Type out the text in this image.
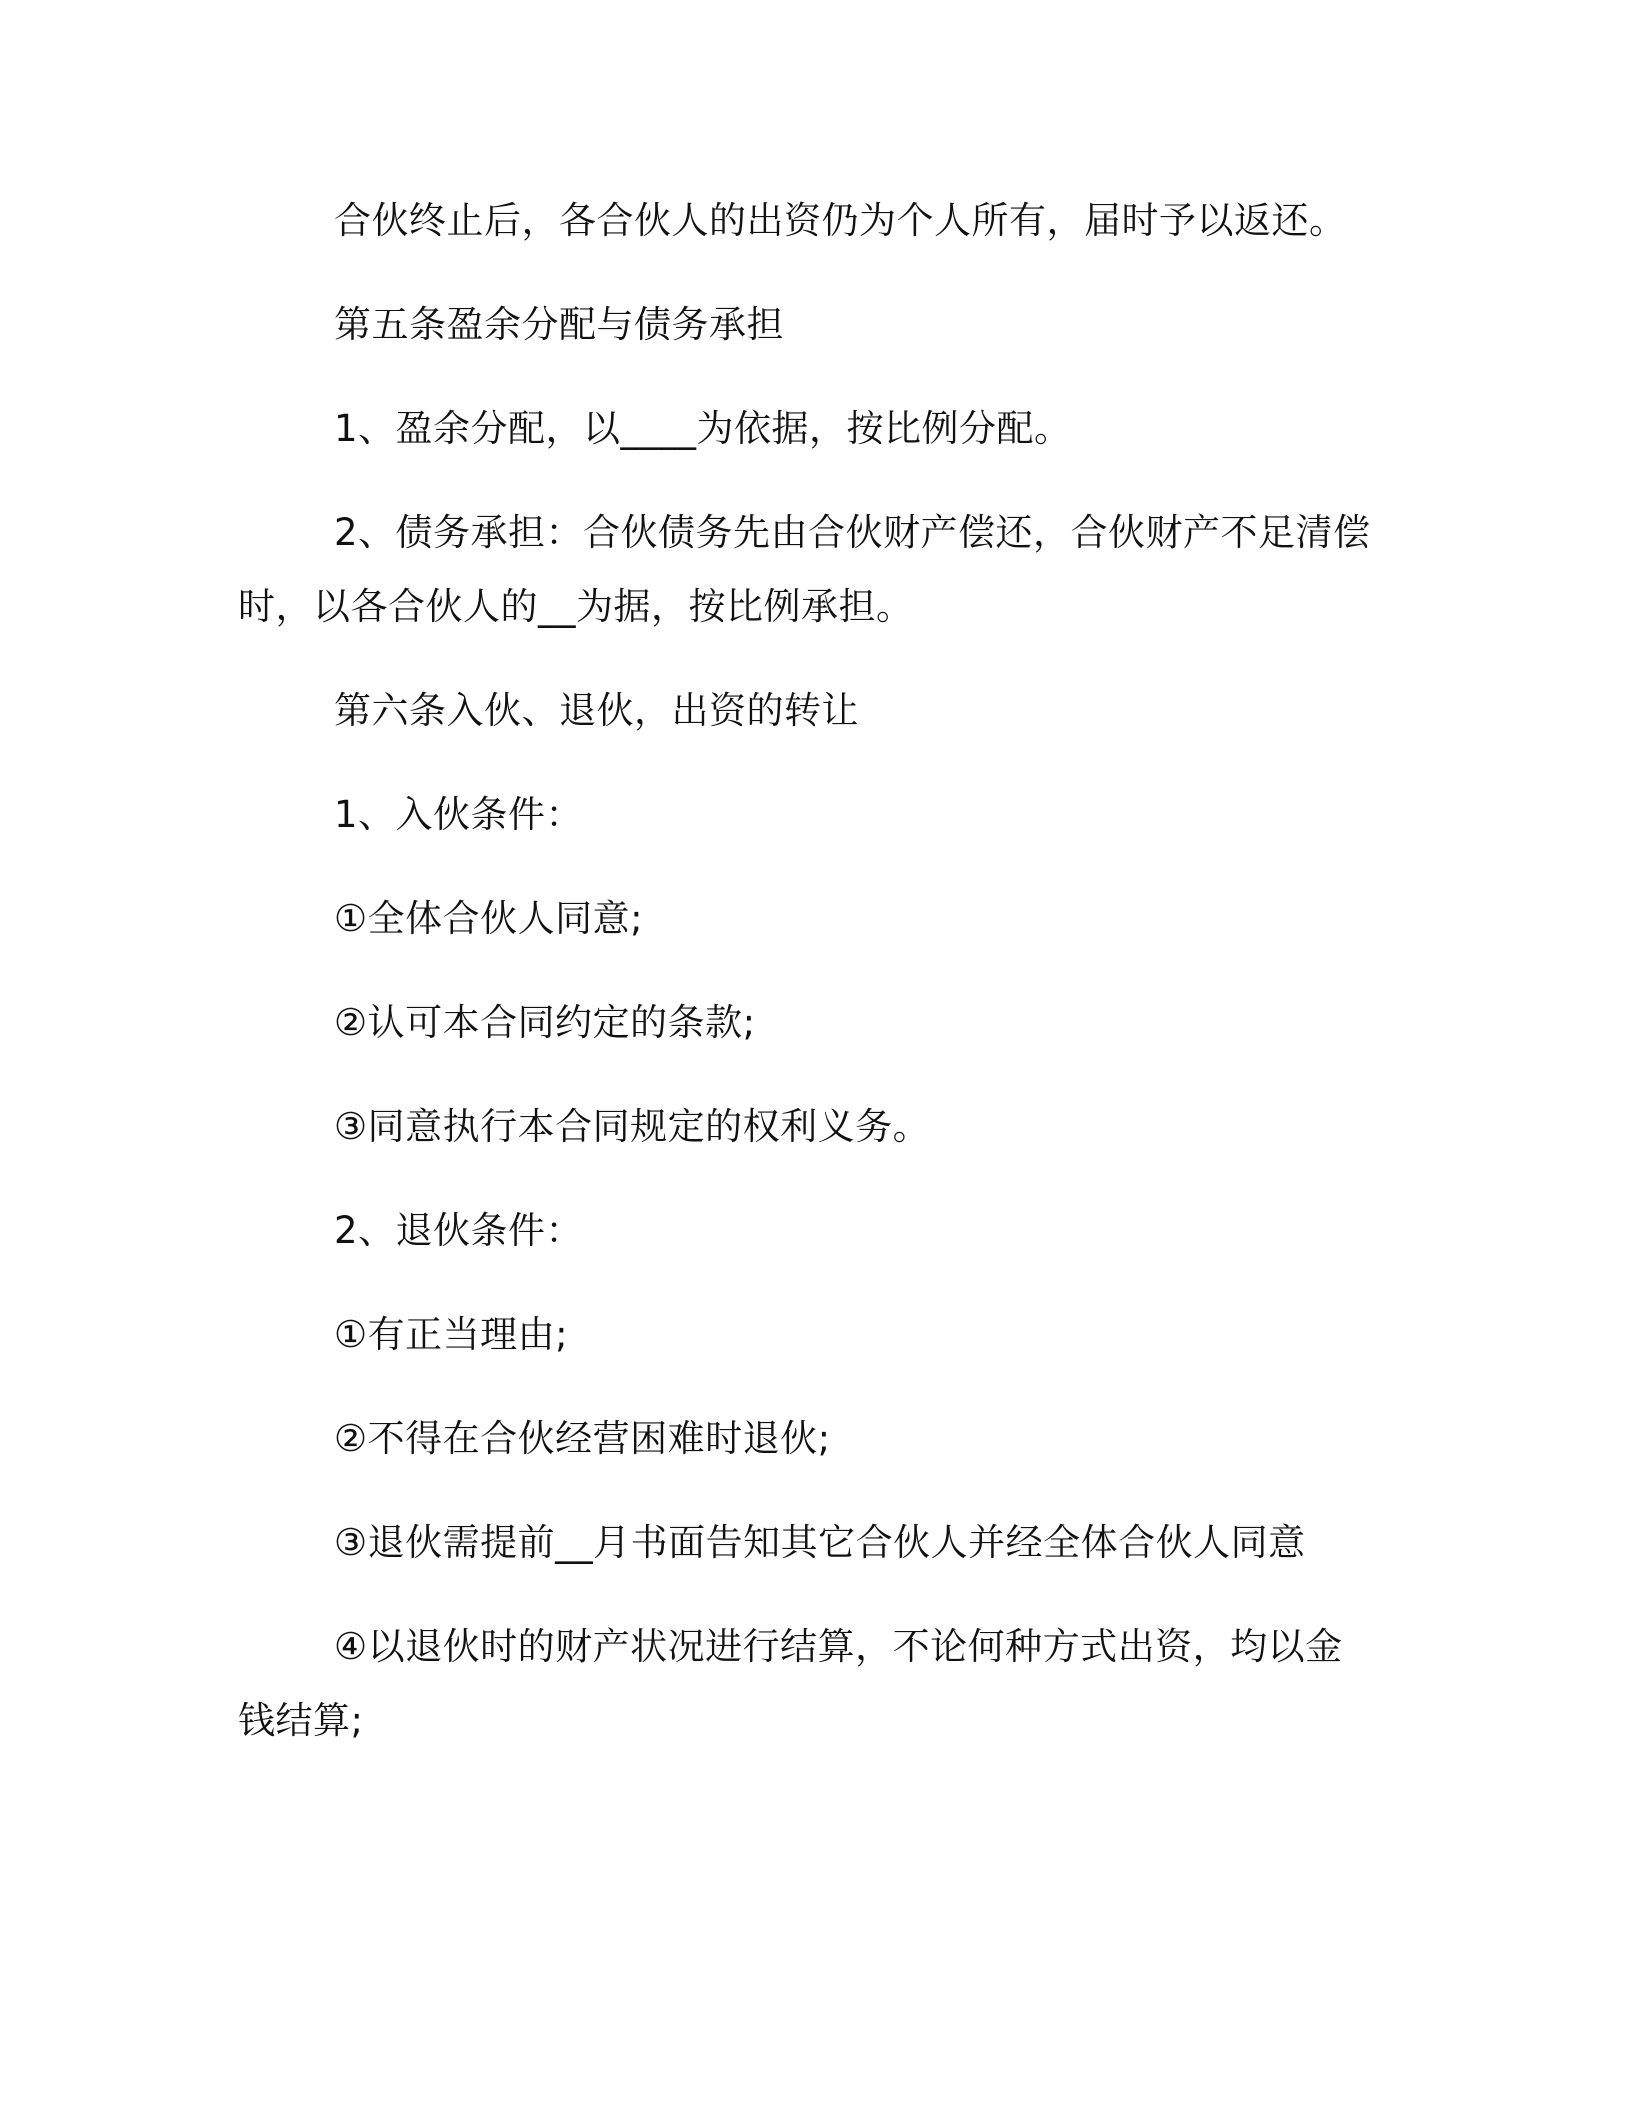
合伙终止后，各合伙人的出资仍为个人所有，届时予以返还。

第五条盈余分配与债务承担

1、盈余分配，以____为依据，按比例分配。

2、债务承担：合伙债务先由合伙财产偿还，合伙财产不足清偿时，以各合伙人的__为据，按比例承担。

第六条入伙、退伙，出资的转让

1、入伙条件：

①全体合伙人同意;

②认可本合同约定的条款;

③同意执行本合同规定的权利义务。

2、退伙条件：

①有正当理由;

②不得在合伙经营困难时退伙;

③退伙需提前__月书面告知其它合伙人并经全体合伙人同意

④以退伙时的财产状况进行结算，不论何种方式出资，均以金钱结算;
